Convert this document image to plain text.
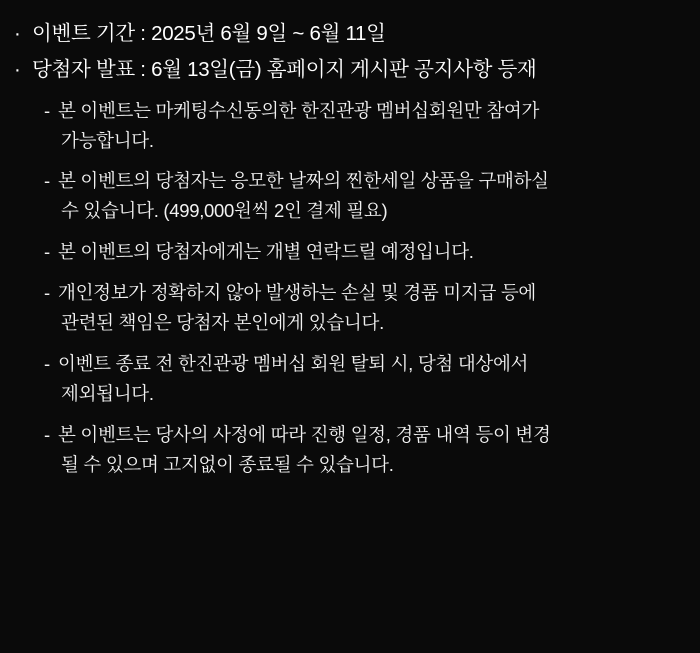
· 이벤트 기간 : 2025년 6월 9일 ~ 6월 11일
· 당첨자 발표 : 6월 13일(금) 홈페이지 게시판 공지사항 등재
- 본 이벤트는 마케팅수신동의한 한진관광 멤버십회원만 참여가
가능합니다.
- 본 이벤트의 당첨자는 응모한 날짜의 찐한세일 상품을 구매하실
수 있습니다. (499,000원씩 2인 결제 필요)
- 본 이벤트의 당첨자에게는 개별 연락드릴 예정입니다.
- 개인정보가 정확하지 않아 발생하는 손실 및 경품 미지급 등에
관련된 책임은 당첨자 본인에게 있습니다.
- 이벤트 종료 전 한진관광 멤버십 회원 탈퇴 시, 당첨 대상에서
제외됩니다.
- 본 이벤트는 당사의 사정에 따라 진행 일정, 경품 내역 등이 변경
될 수 있으며 고지없이 종료될 수 있습니다.
